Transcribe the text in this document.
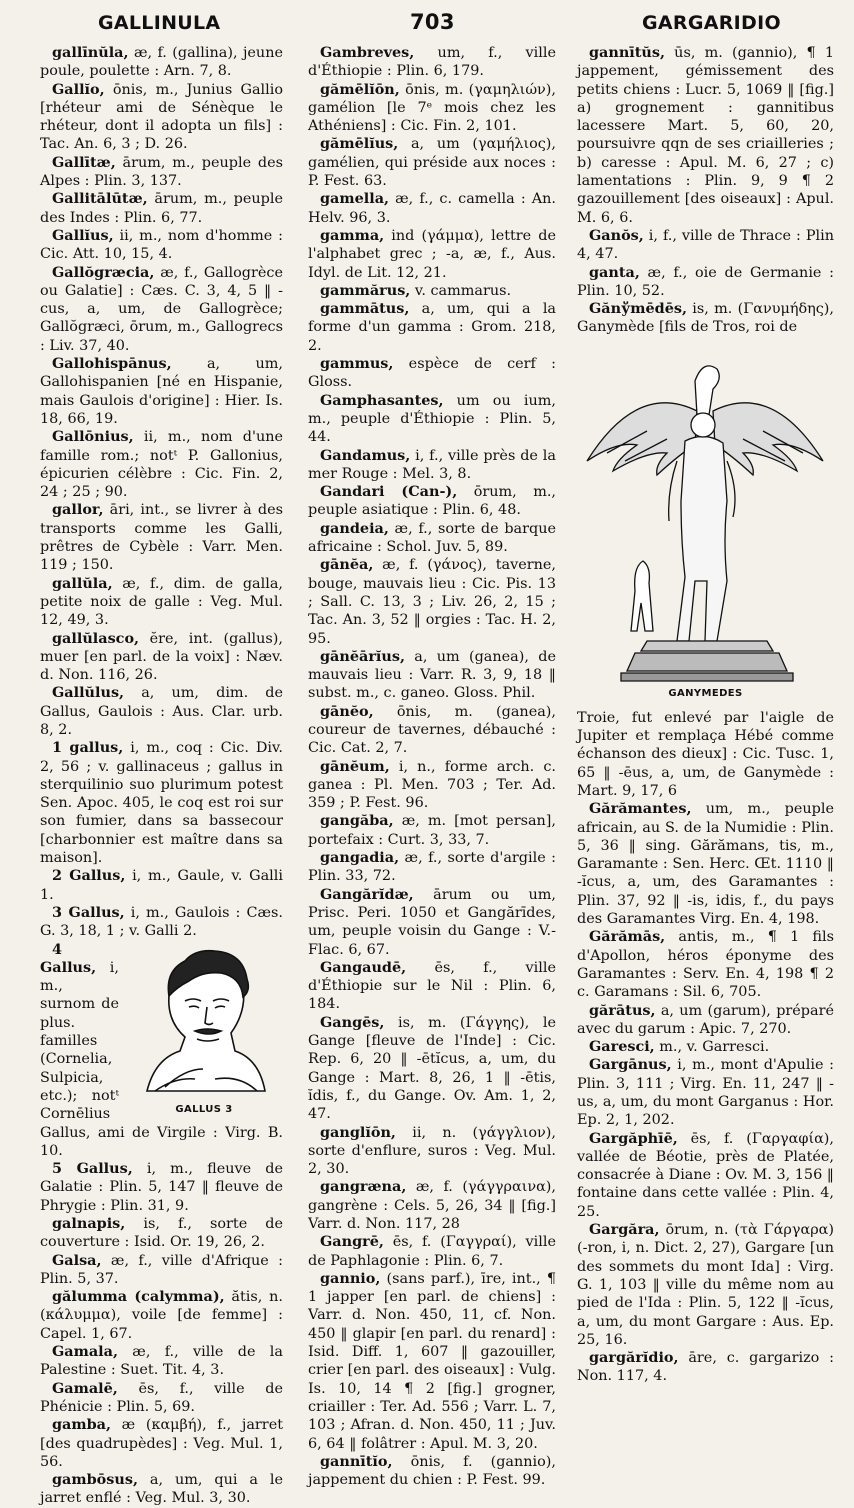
GALLINULA	703	GARGARIDIO

gallīnŭla, æ, f. (gallina), jeune poule, poulette : Arn. 7, 8.

Gallĭo, ōnis, m., Junius Gallio [rhéteur ami de Sénèque le rhéteur, dont il adopta un fils] : Tac. An. 6, 3 ; D. 26.

Gallītæ, ārum, m., peuple des Alpes : Plin. 3, 137.

Gallitālūtæ, ārum, m., peuple des Indes : Plin. 6, 77.

Gallĭus, ii, m., nom d'homme : Cic. Att. 10, 15, 4.

Gallŏgræcia, æ, f., Gallogrèce ou Galatie] : Cæs. C. 3, 4, 5 ‖ -cus, a, um, de Gallogrèce; Gallŏgræci, ōrum, m., Gallogrecs : Liv. 37, 40.

Gallohispānus, a, um, Gallohispanien [né en Hispanie, mais Gaulois d'origine] : Hier. Is. 18, 66, 19.

Gallōnius, ii, m., nom d'une famille rom.; notᵗ P. Gallonius, épicurien célèbre : Cic. Fin. 2, 24 ; 25 ; 90.

gallor, āri, int., se livrer à des transports comme les Galli, prêtres de Cybèle : Varr. Men. 119 ; 150.

gallŭla, æ, f., dim. de galla, petite noix de galle : Veg. Mul. 12, 49, 3.

gallŭlasco, ĕre, int. (gallus), muer [en parl. de la voix] : Næv. d. Non. 116, 26.

Gallŭlus, a, um, dim. de Gallus, Gaulois : Aus. Clar. urb. 8, 2.

1 gallus, i, m., coq : Cic. Div. 2, 56 ; v. gallinaceus ; gallus in sterquilinio suo plurimum potest Sen. Apoc. 405, le coq est roi sur son fumier, dans sa bassecour [charbonnier est maître dans sa maison].

2 Gallus, i, m., Gaule, v. Galli 1.

3 Gallus, i, m., Gaulois : Cæs. G. 3, 18, 1 ; v. Galli 2.

GALLUS 3

4 Gallus, i, m., surnom de plus. familles (Cornelia, Sulpicia, etc.); notᵗ Cornēlius Gallus, ami de Virgile : Virg. B. 10.

5 Gallus, i, m., fleuve de Galatie : Plin. 5, 147 ‖ fleuve de Phrygie : Plin. 31, 9.

galnapis, is, f., sorte de couverture : Isid. Or. 19, 26, 2.

Galsa, æ, f., ville d'Afrique : Plin. 5, 37.

gălumma (calymma), ătis, n. (κάλυμμα), voile [de femme] : Capel. 1, 67.

Gamala, æ, f., ville de la Palestine : Suet. Tit. 4, 3.

Gamalē, ēs, f., ville de Phénicie : Plin. 5, 69.

gamba, æ (καμβή), f., jarret [des quadrupèdes] : Veg. Mul. 1, 56.

gambōsus, a, um, qui a le jarret enflé : Veg. Mul. 3, 30.

Gambreves, um, f., ville d'Éthiopie : Plin. 6, 179.

gămēlĭōn, ōnis, m. (γαμηλιών), gamélion [le 7ᵉ mois chez les Athéniens] : Cic. Fin. 2, 101.

gămēlĭus, a, um (γαμήλιος), gamélien, qui préside aux noces : P. Fest. 63.

gamella, æ, f., c. camella : An. Helv. 96, 3.

gamma, ind (γάμμα), lettre de l'alphabet grec ; -a, æ, f., Aus. Idyl. de Lit. 12, 21.

gammărus, v. cammarus.

gammātus, a, um, qui a la forme d'un gamma : Grom. 218, 2.

gammus, espèce de cerf : Gloss.

Gamphasantes, um ou ium, m., peuple d'Éthiopie : Plin. 5, 44.

Gandamus, i, f., ville près de la mer Rouge : Mel. 3, 8.

Gandari (Can-), ōrum, m., peuple asiatique : Plin. 6, 48.

gandeia, æ, f., sorte de barque africaine : Schol. Juv. 5, 89.

gānĕa, æ, f. (γάνος), taverne, bouge, mauvais lieu : Cic. Pis. 13 ; Sall. C. 13, 3 ; Liv. 26, 2, 15 ; Tac. An. 3, 52 ‖ orgies : Tac. H. 2, 95.

gānĕārĭus, a, um (ganea), de mauvais lieu : Varr. R. 3, 9, 18 ‖ subst. m., c. ganeo. Gloss. Phil.

gānĕo, ōnis, m. (ganea), coureur de tavernes, débauché : Cic. Cat. 2, 7.

gānĕum, i, n., forme arch. c. ganea : Pl. Men. 703 ; Ter. Ad. 359 ; P. Fest. 96.

gangăba, æ, m. [mot persan], portefaix : Curt. 3, 33, 7.

gangadia, æ, f., sorte d'argile : Plin. 33, 72.

Gangărĭdæ, ārum ou um, Prisc. Peri. 1050 et Gangărīdes, um, peuple voisin du Gange : V.-Flac. 6, 67.

Gangaudē, ēs, f., ville d'Éthiopie sur le Nil : Plin. 6, 184.

Gangēs, is, m. (Γάγγης), le Gange [fleuve de l'Inde] : Cic. Rep. 6, 20 ‖ -ētĭcus, a, um, du Gange : Mart. 8, 26, 1 ‖ -ētis, ĭdis, f., du Gange. Ov. Am. 1, 2, 47.

ganglĭōn, ii, n. (γάγγλιον), sorte d'enflure, suros : Veg. Mul. 2, 30.

gangræna, æ, f. (γάγγραινα), gangrène : Cels. 5, 26, 34 ‖ [fig.] Varr. d. Non. 117, 28

Gangrē, ēs, f. (Γαγγραί), ville de Paphlagonie : Plin. 6, 7.

gannio, (sans parf.), īre, int., ¶ 1 japper [en parl. de chiens] : Varr. d. Non. 450, 11, cf. Non. 450 ‖ glapir [en parl. du renard] : Isid. Diff. 1, 607 ‖ gazouiller, crier [en parl. des oiseaux] : Vulg. Is. 10, 14 ¶ 2 [fig.] grogner, criailler : Ter. Ad. 556 ; Varr. L. 7, 103 ; Afran. d. Non. 450, 11 ; Juv. 6, 64 ‖ folâtrer : Apul. M. 3, 20.

gannītĭo, ōnis, f. (gannio), jappement du chien : P. Fest. 99.

gannītŭs, ūs, m. (gannio), ¶ 1 jappement, gémissement des petits chiens : Lucr. 5, 1069 ‖ [fig.] a) grognement : gannitibus lacessere Mart. 5, 60, 20, poursuivre qqn de ses criailleries ; b) caresse : Apul. M. 6, 27 ; c) lamentations : Plin. 9, 9 ¶ 2 gazouillement [des oiseaux] : Apul. M. 6, 6.

Ganŏs, i, f., ville de Thrace : Plin 4, 47.

ganta, æ, f., oie de Germanie : Plin. 10, 52.

Gănўmēdēs, is, m. (Γανυμήδης), Ganymède [fils de Tros, roi de

GANYMEDES

Troie, fut enlevé par l'aigle de Jupiter et remplaça Hébé comme échanson des dieux] : Cic. Tusc. 1, 65 ‖ -ēus, a, um, de Ganymède : Mart. 9, 17, 6

Gărămantes, um, m., peuple africain, au S. de la Numidie : Plin. 5, 36 ‖ sing. Gărămans, tis, m., Garamante : Sen. Herc. Œt. 1110 ‖ -ĭcus, a, um, des Garamantes : Plin. 37, 92 ‖ -is, idis, f., du pays des Garamantes Virg. En. 4, 198.

Gărămās, antis, m., ¶ 1 fils d'Apollon, héros éponyme des Garamantes : Serv. En. 4, 198 ¶ 2 c. Garamans : Sil. 6, 705.

gărātus, a, um (garum), préparé avec du garum : Apic. 7, 270.

Garesci, m., v. Garresci.

Gargānus, i, m., mont d'Apulie : Plin. 3, 111 ; Virg. En. 11, 247 ‖ -us, a, um, du mont Garganus : Hor. Ep. 2, 1, 202.

Gargăphīē, ēs, f. (Γαργαφία), vallée de Béotie, près de Platée, consacrée à Diane : Ov. M. 3, 156 ‖ fontaine dans cette vallée : Plin. 4, 25.

Gargăra, ōrum, n. (τὰ Γάργαρα) (-ron, i, n. Dict. 2, 27), Gargare [un des sommets du mont Ida] : Virg. G. 1, 103 ‖ ville du même nom au pied de l'Ida : Plin. 5, 122 ‖ -ĭcus, a, um, du mont Gargare : Aus. Ep. 25, 16.

gargărĭdio, āre, c. gargarizo : Non. 117, 4.
